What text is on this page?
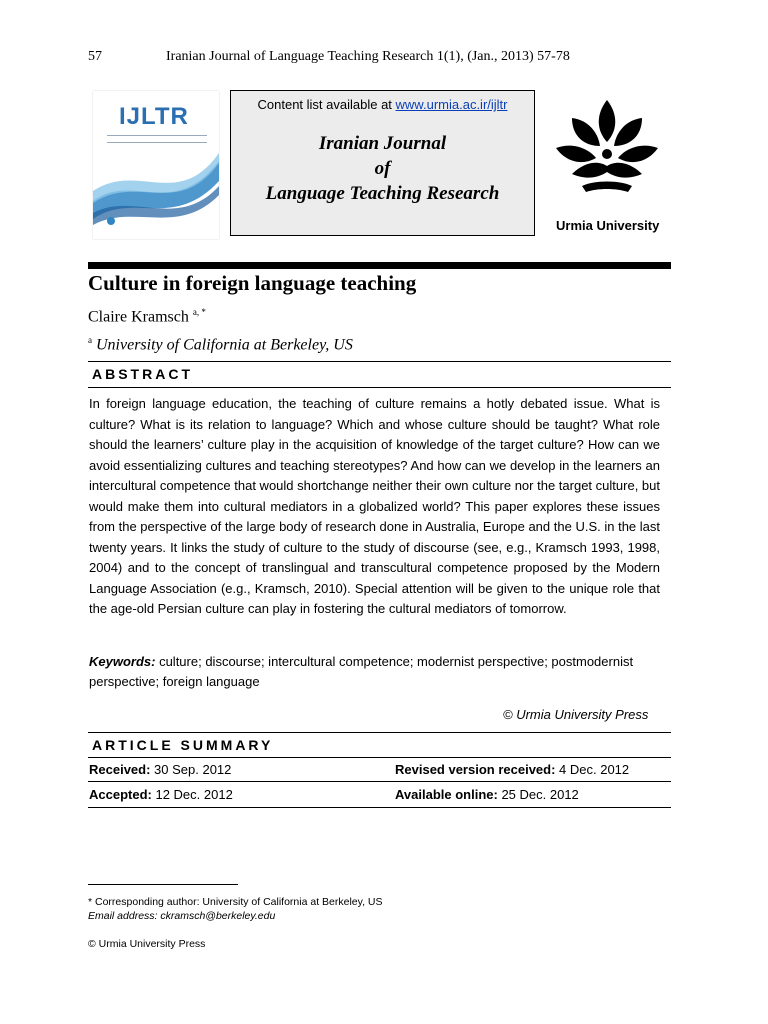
57	Iranian Journal of Language Teaching Research 1(1), (Jan., 2013) 57-78
IJLTR	Content list available at www.urmia.ac.ir/ijltr
Iranian Journal
of
Language Teaching Research
Urmia University
Culture in foreign language teaching
Claire Kramsch $^{a, *}$
$^a$ University of California at Berkeley, US
ABSTRACT

In foreign language education, the teaching of culture remains a hotly debated issue. What is culture? What is its relation to language? Which and whose culture should be taught? What role should the learners’ culture play in the acquisition of knowledge of the target culture? How can we avoid essentializing cultures and teaching stereotypes? And how can we develop in the learners an intercultural competence that would shortchange neither their own culture nor the target culture, but would make them into cultural mediators in a globalized world? This paper explores these issues from the perspective of the large body of research done in Australia, Europe and the U.S. in the last twenty years. It links the study of culture to the study of discourse (see, e.g., Kramsch 1993, 1998, 2004) and to the concept of translingual and transcultural competence proposed by the Modern Language Association (e.g., Kramsch, 2010). Special attention will be given to the unique role that the age-old Persian culture can play in fostering the cultural mediators of tomorrow.

Keywords: culture; discourse; intercultural competence; modernist perspective; postmodernist perspective; foreign language

© Urmia University Press
ARTICLE SUMMARY
Received: 30 Sep. 2012	Revised version received: 4 Dec. 2012
Accepted: 12 Dec. 2012	Available online: 25 Dec. 2012
* Corresponding author: University of California at Berkeley, US
Email address: ckramsch@berkeley.edu
© Urmia University Press
